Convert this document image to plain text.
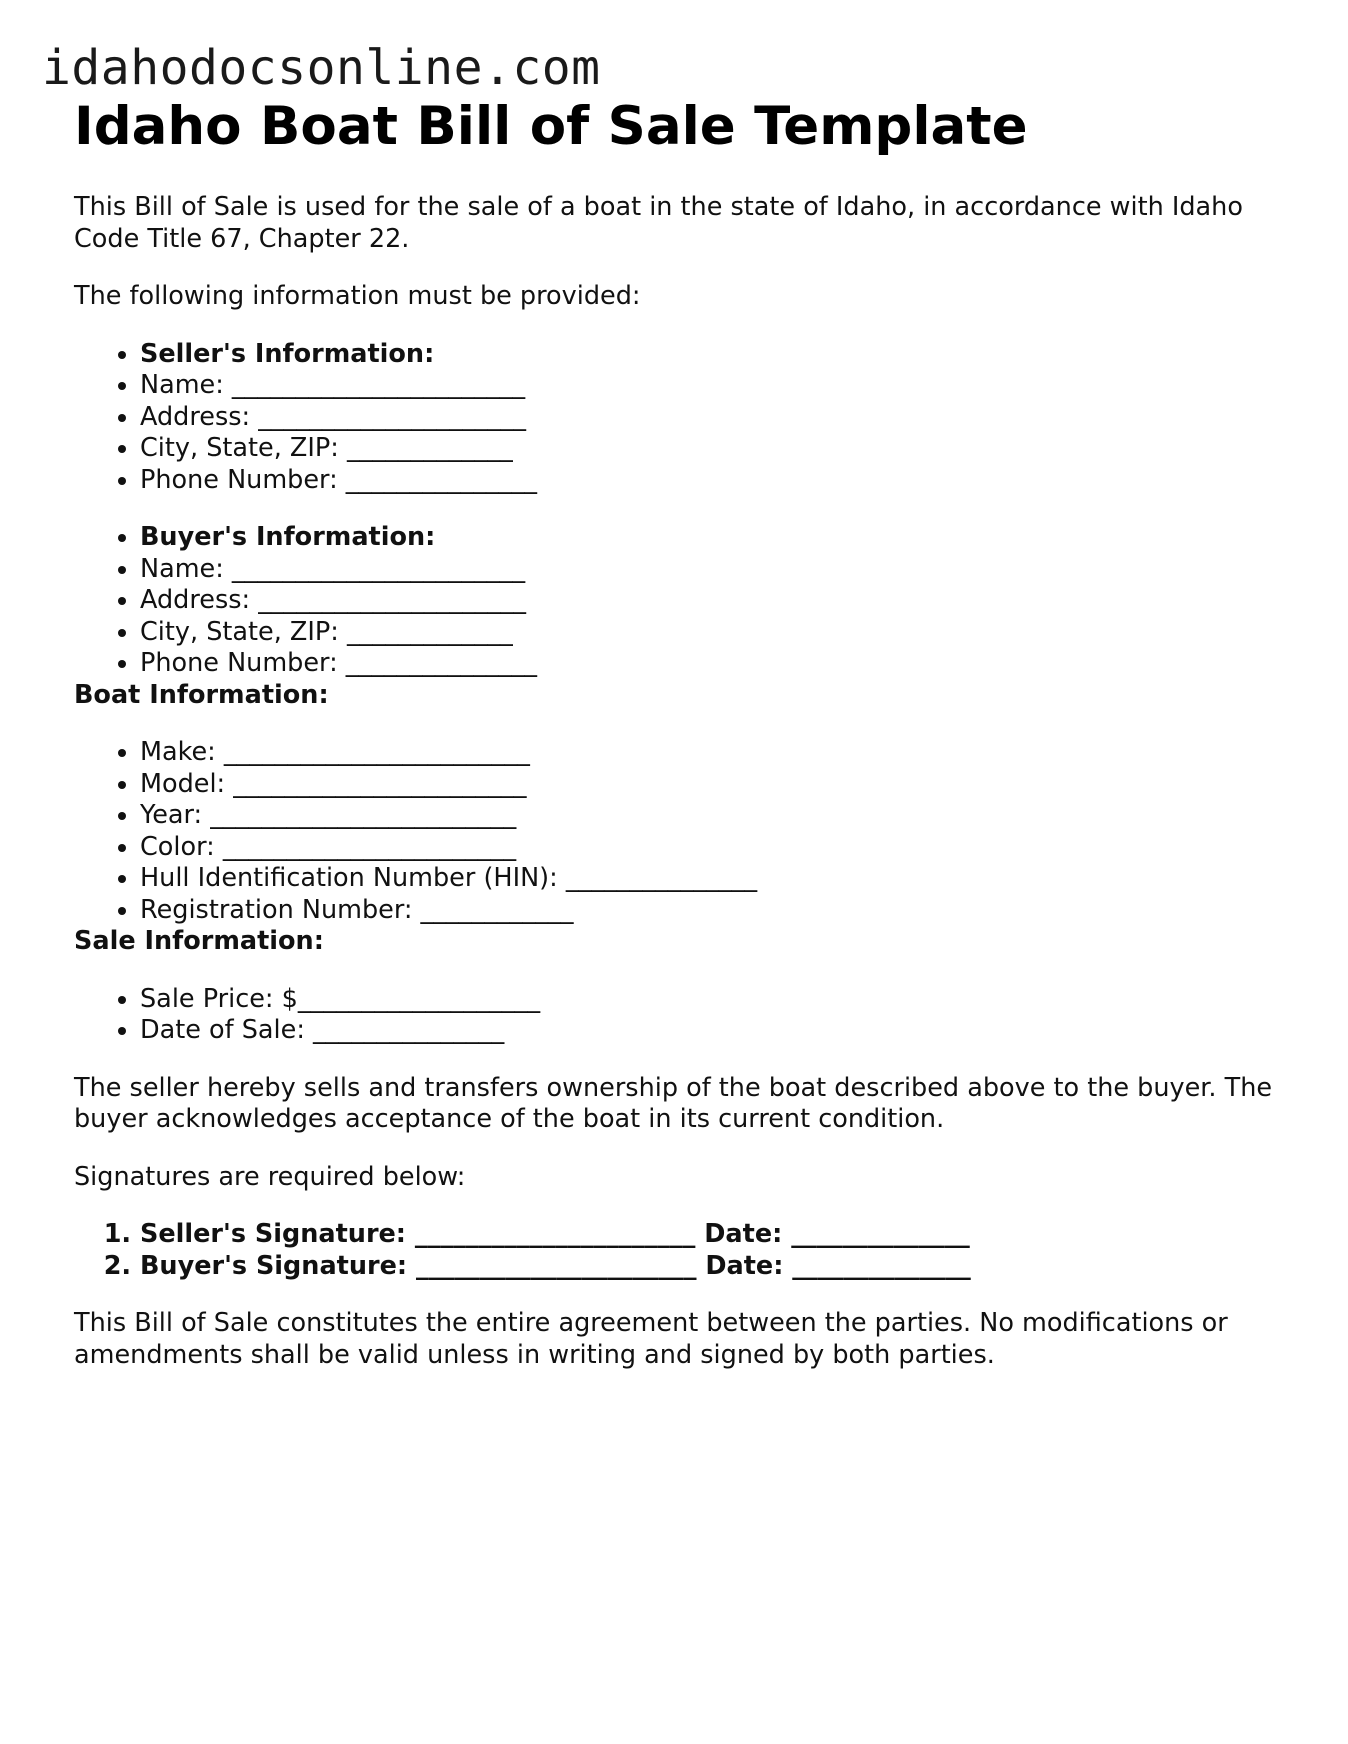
idahodocsonline.com
Idaho Boat Bill of Sale Template

This Bill of Sale is used for the sale of a boat in the state of Idaho, in accordance with Idaho Code Title 67, Chapter 22.

The following information must be provided:

• Seller's Information:
• Name: _______________________
• Address: _____________________
• City, State, ZIP: _____________
• Phone Number: _______________
• Buyer's Information:
• Name: _______________________
• Address: _____________________
• City, State, ZIP: _____________
• Phone Number: _______________

Boat Information:

• Make: ________________________
• Model: _______________________
• Year: ________________________
• Color: _______________________
• Hull Identification Number (HIN): _______________
• Registration Number: ____________

Sale Information:

• Sale Price: $___________________
• Date of Sale: _______________

The seller hereby sells and transfers ownership of the boat described above to the buyer. The buyer acknowledges acceptance of the boat in its current condition.

Signatures are required below:

1. Seller's Signature: ______________________ Date: ______________
2. Buyer's Signature: ______________________ Date: ______________

This Bill of Sale constitutes the entire agreement between the parties. No modifications or amendments shall be valid unless in writing and signed by both parties.
